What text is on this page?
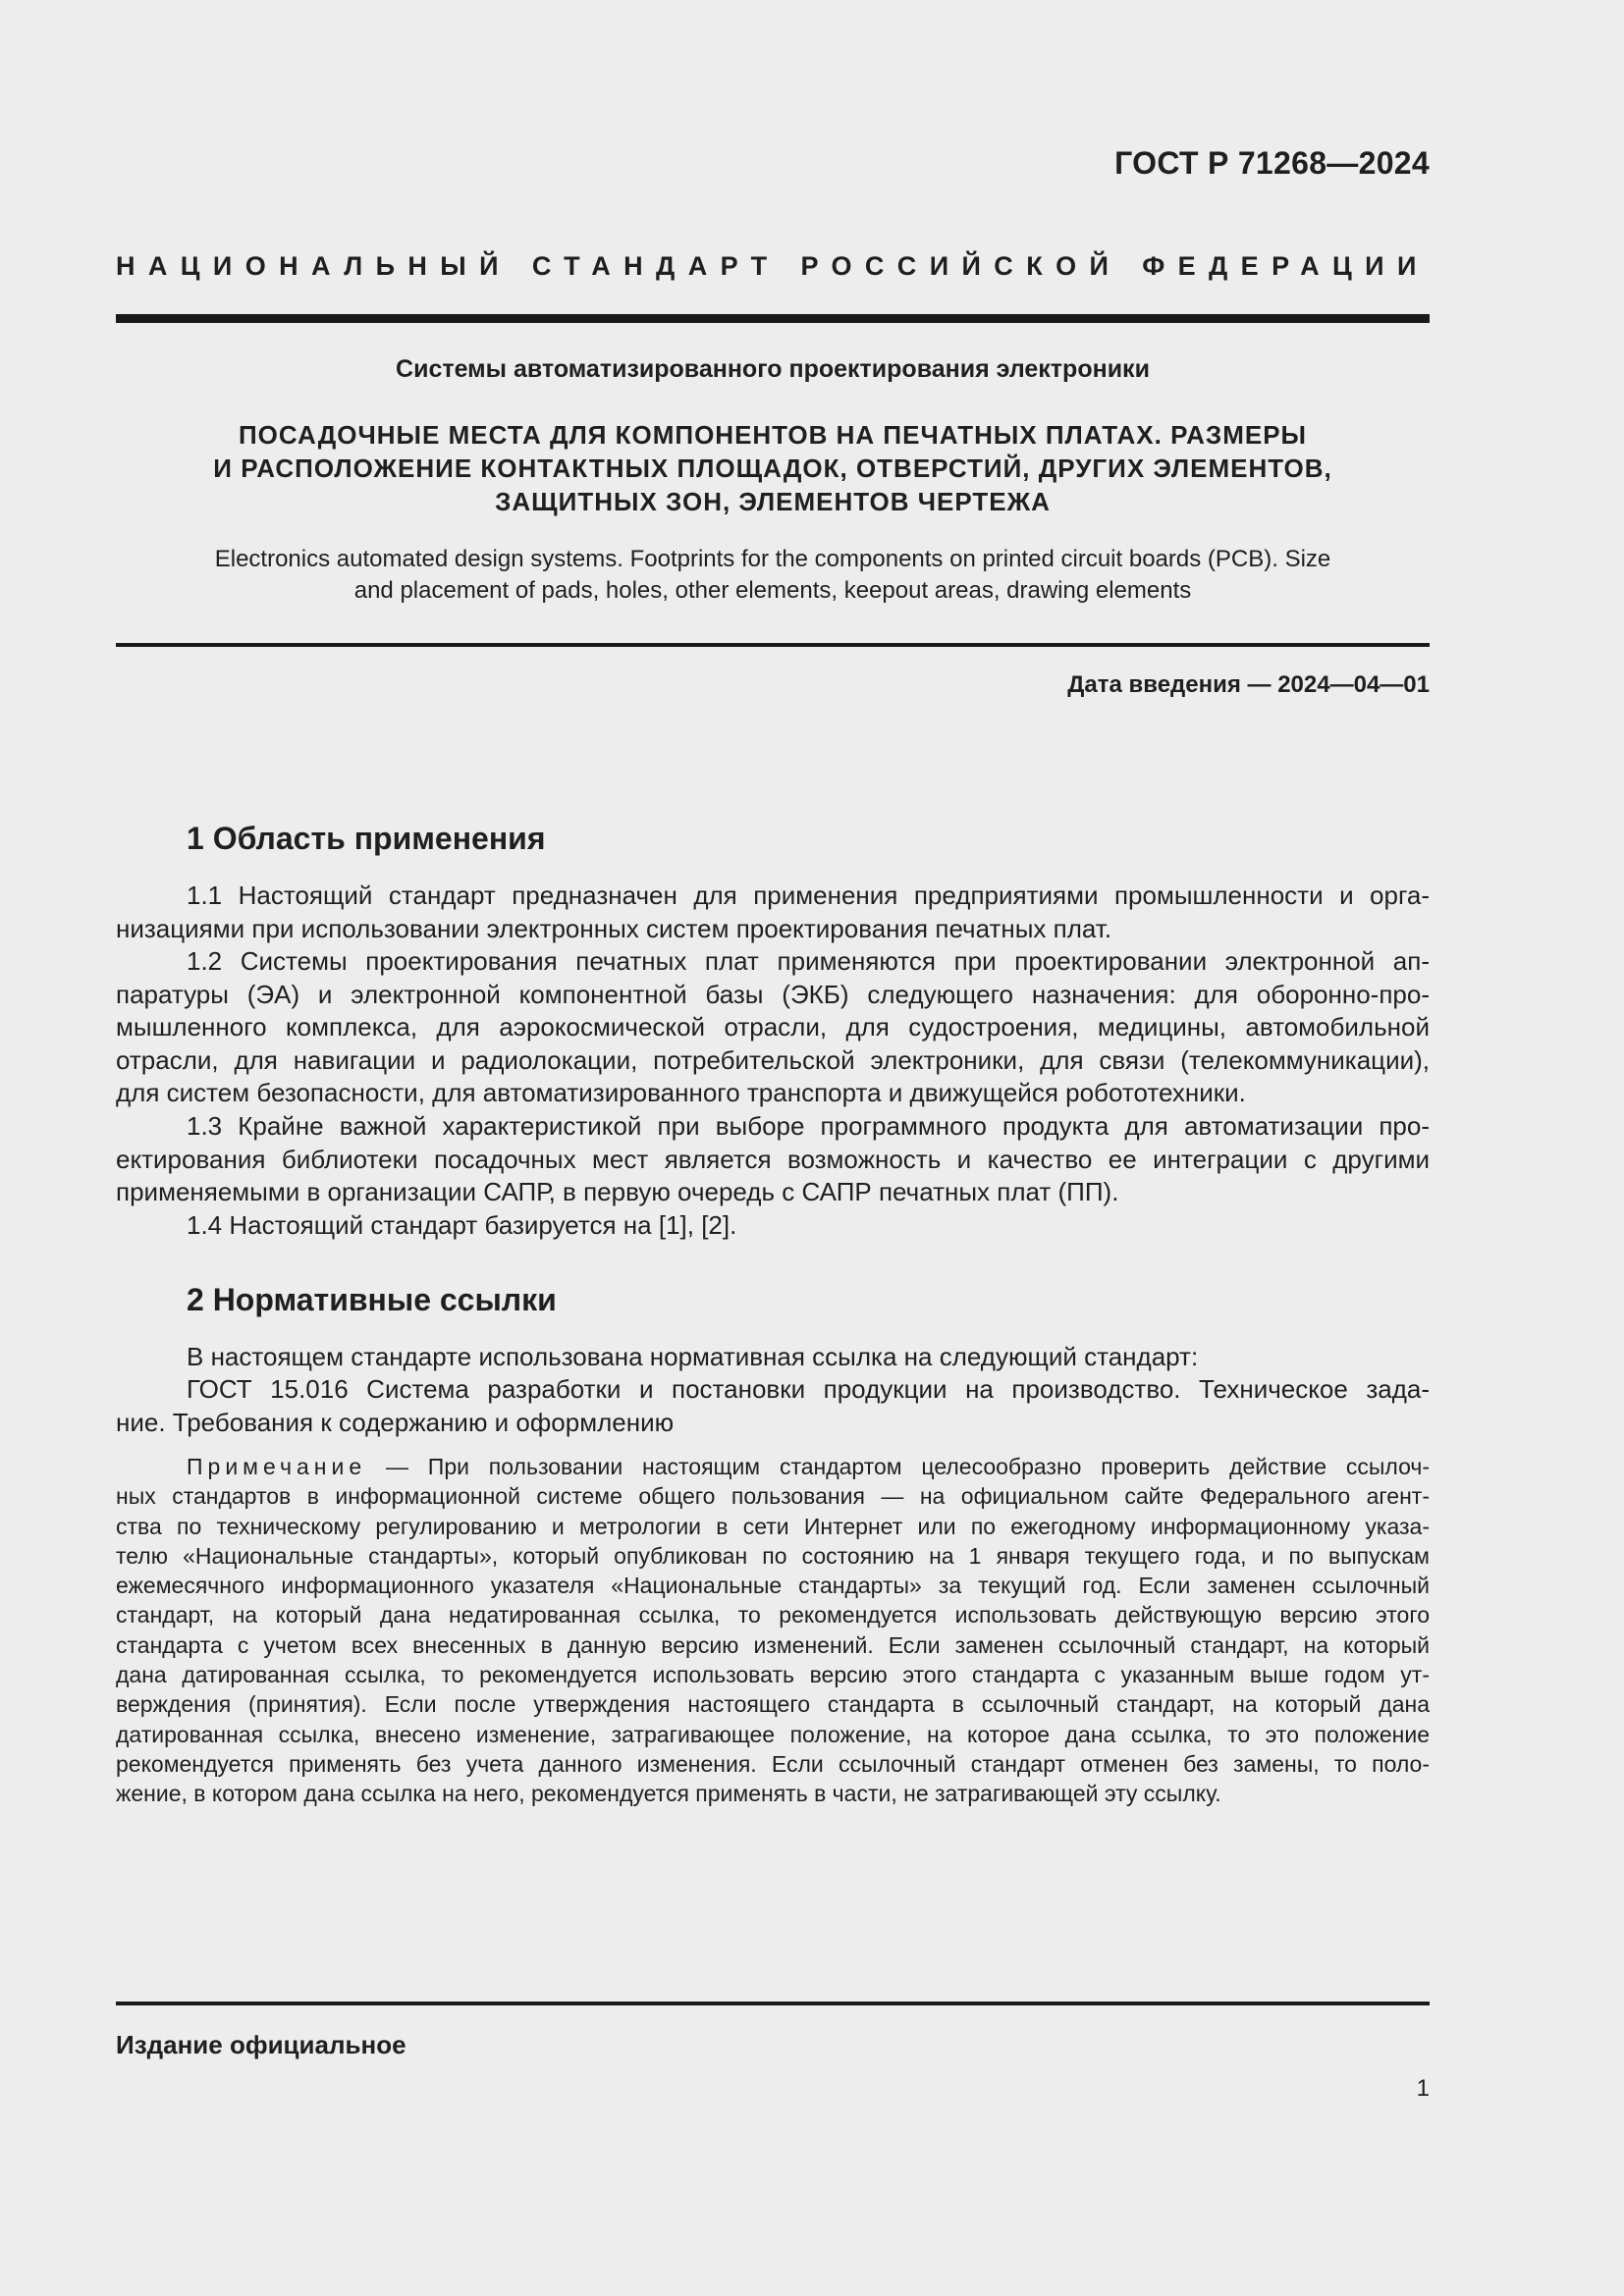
ГОСТ Р 71268—2024
НАЦИОНАЛЬНЫЙ СТАНДАРТ РОССИЙСКОЙ ФЕДЕРАЦИИ
Системы автоматизированного проектирования электроники
ПОСАДОЧНЫЕ МЕСТА ДЛЯ КОМПОНЕНТОВ НА ПЕЧАТНЫХ ПЛАТАХ. РАЗМЕРЫ
И РАСПОЛОЖЕНИЕ КОНТАКТНЫХ ПЛОЩАДОК, ОТВЕРСТИЙ, ДРУГИХ ЭЛЕМЕНТОВ,
ЗАЩИТНЫХ ЗОН, ЭЛЕМЕНТОВ ЧЕРТЕЖА
Electronics automated design systems. Footprints for the components on printed circuit boards (PCB). Size
and placement of pads, holes, other elements, keepout areas, drawing elements
Дата введения — 2024—04—01
1 Область применения
1.1 Настоящий стандарт предназначен для применения предприятиями промышленности и орга-
низациями при использовании электронных систем проектирования печатных плат.
1.2 Системы проектирования печатных плат применяются при проектировании электронной ап-
паратуры (ЭА) и электронной компонентной базы (ЭКБ) следующего назначения: для оборонно-про-
мышленного комплекса, для аэрокосмической отрасли, для судостроения, медицины, автомобильной
отрасли, для навигации и радиолокации, потребительской электроники, для связи (телекоммуникации),
для систем безопасности, для автоматизированного транспорта и движущейся робототехники.
1.3 Крайне важной характеристикой при выборе программного продукта для автоматизации про-
ектирования библиотеки посадочных мест является возможность и качество ее интеграции с другими
применяемыми в организации САПР, в первую очередь с САПР печатных плат (ПП).
1.4 Настоящий стандарт базируется на [1], [2].
2 Нормативные ссылки
В настоящем стандарте использована нормативная ссылка на следующий стандарт:
ГОСТ 15.016 Система разработки и постановки продукции на производство. Техническое зада-
ние. Требования к содержанию и оформлению
Примечание — При пользовании настоящим стандартом целесообразно проверить действие ссылоч-
ных стандартов в информационной системе общего пользования — на официальном сайте Федерального агент-
ства по техническому регулированию и метрологии в сети Интернет или по ежегодному информационному указа-
телю «Национальные стандарты», который опубликован по состоянию на 1 января текущего года, и по выпускам
ежемесячного информационного указателя «Национальные стандарты» за текущий год. Если заменен ссылочный
стандарт, на который дана недатированная ссылка, то рекомендуется использовать действующую версию этого
стандарта с учетом всех внесенных в данную версию изменений. Если заменен ссылочный стандарт, на который
дана датированная ссылка, то рекомендуется использовать версию этого стандарта с указанным выше годом ут-
верждения (принятия). Если после утверждения настоящего стандарта в ссылочный стандарт, на который дана
датированная ссылка, внесено изменение, затрагивающее положение, на которое дана ссылка, то это положение
рекомендуется применять без учета данного изменения. Если ссылочный стандарт отменен без замены, то поло-
жение, в котором дана ссылка на него, рекомендуется применять в части, не затрагивающей эту ссылку.
Издание официальное
1
